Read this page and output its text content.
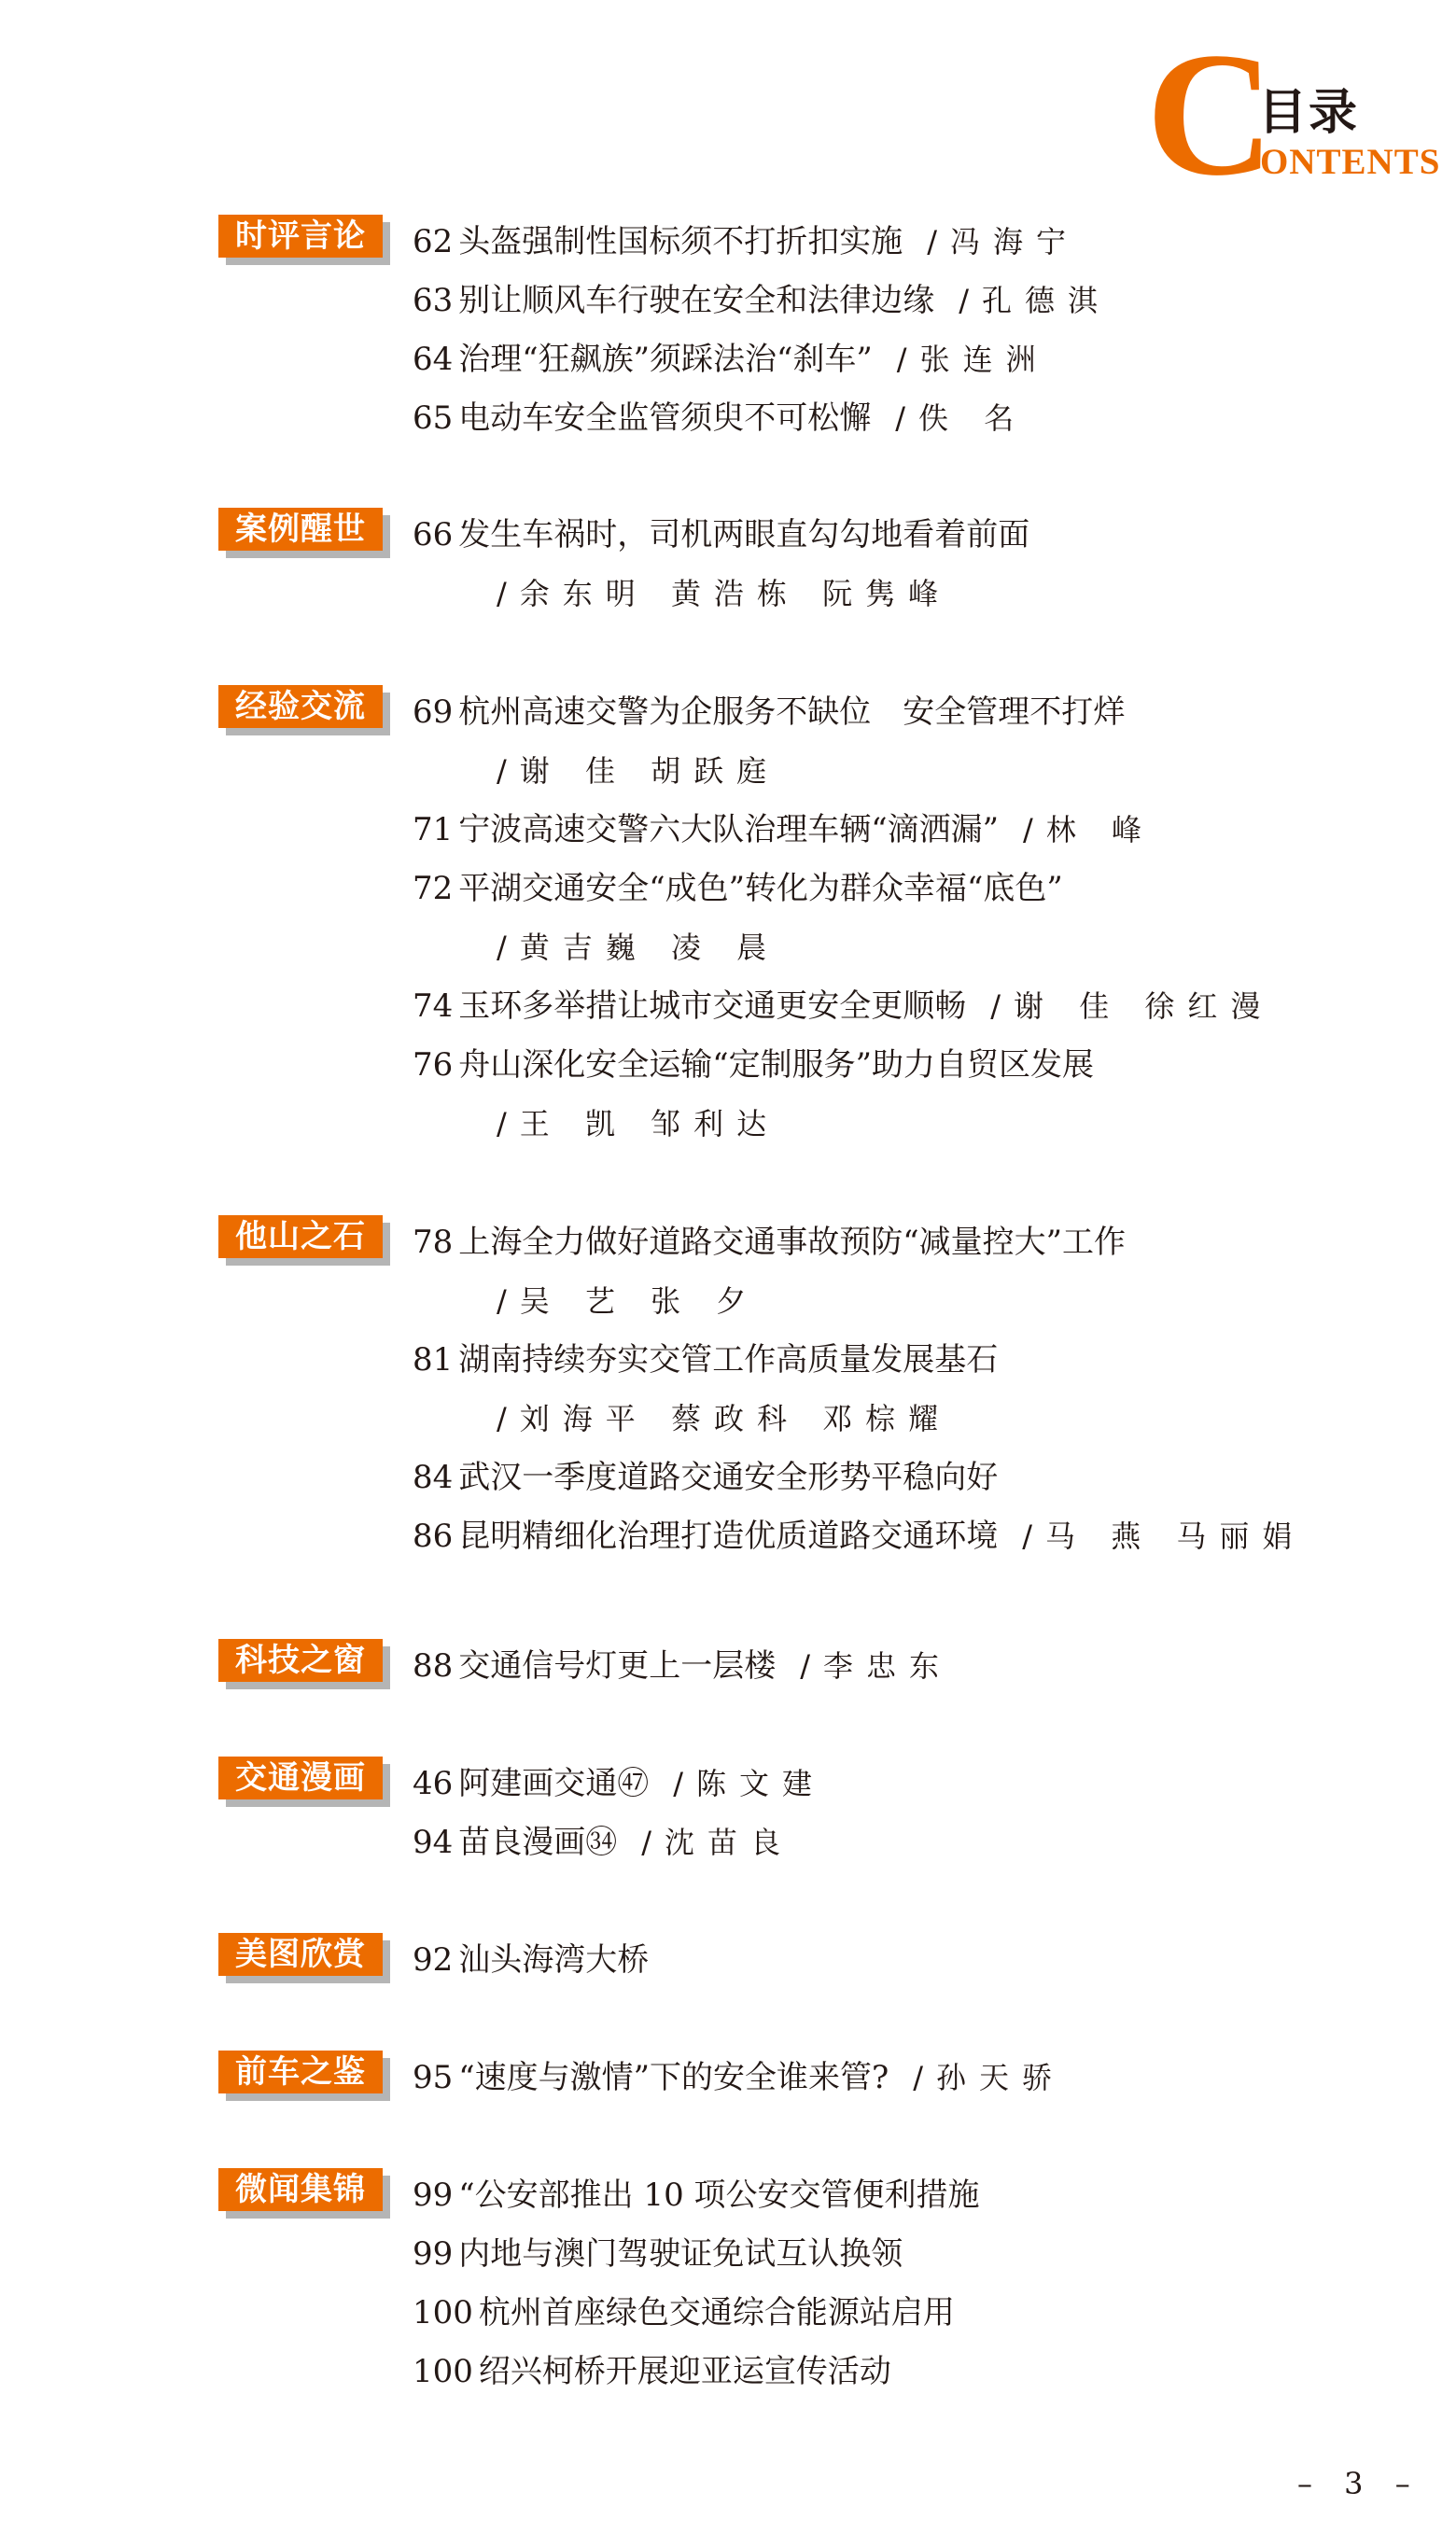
C
目录
ONTENTS
时评言论	62 头盔强制性国标须不打折扣实施 /冯海宁
63 别让顺风车行驶在安全和法律边缘 /孔德淇
64 治理“狂飙族”须踩法治“刹车” /张连洲
65 电动车安全监管须臾不可松懈 /佚 名
案例醒世	66 发生车祸时，司机两眼直勾勾地看着前面
/余东明 黄浩栋 阮隽峰
经验交流	69 杭州高速交警为企服务不缺位　安全管理不打烊
/谢 佳 胡跃庭
71 宁波高速交警六大队治理车辆“滴洒漏” /林 峰
72 平湖交通安全“成色”转化为群众幸福“底色”
/黄吉巍 凌 晨
74 玉环多举措让城市交通更安全更顺畅 /谢 佳 徐红漫
76 舟山深化安全运输“定制服务”助力自贸区发展
/王 凯 邹利达
他山之石	78 上海全力做好道路交通事故预防“减量控大”工作
/吴 艺 张 夕
81 湖南持续夯实交管工作高质量发展基石
/刘海平 蔡政科 邓棕耀
84 武汉一季度道路交通安全形势平稳向好
86 昆明精细化治理打造优质道路交通环境 /马 燕 马丽娟
科技之窗	88 交通信号灯更上一层楼 /李忠东
交通漫画	46 阿建画交通㊼ /陈文建
94 苗良漫画㉞ /沈苗良
美图欣赏	92 汕头海湾大桥
前车之鉴	95 “速度与激情”下的安全谁来管? /孙天骄
微闻集锦	99 “公安部推出 10 项公安交管便利措施
99 内地与澳门驾驶证免试互认换领
100 杭州首座绿色交通综合能源站启用
100 绍兴柯桥开展迎亚运宣传活动
– 3 –
